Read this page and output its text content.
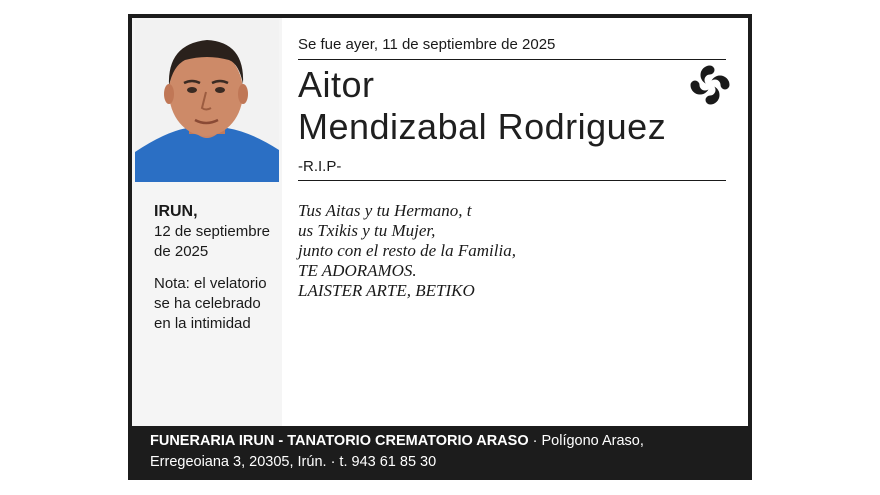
IRUN,
12 de septiembre
de 2025
Nota: el velatorio
se ha celebrado
en la intimidad
Se fue ayer, 11 de septiembre de 2025
Aitor
Mendizabal Rodriguez
-R.I.P-
Tus Aitas y tu Hermano, t
us Txikis y tu Mujer,
junto con el resto de la Familia,
TE ADORAMOS.
LAISTER ARTE, BETIKO
FUNERARIA IRUN - TANATORIO CREMATORIO ARASO · Polígono Araso,
Erregeoiana 3, 20305, Irún. · t. 943 61 85 30
